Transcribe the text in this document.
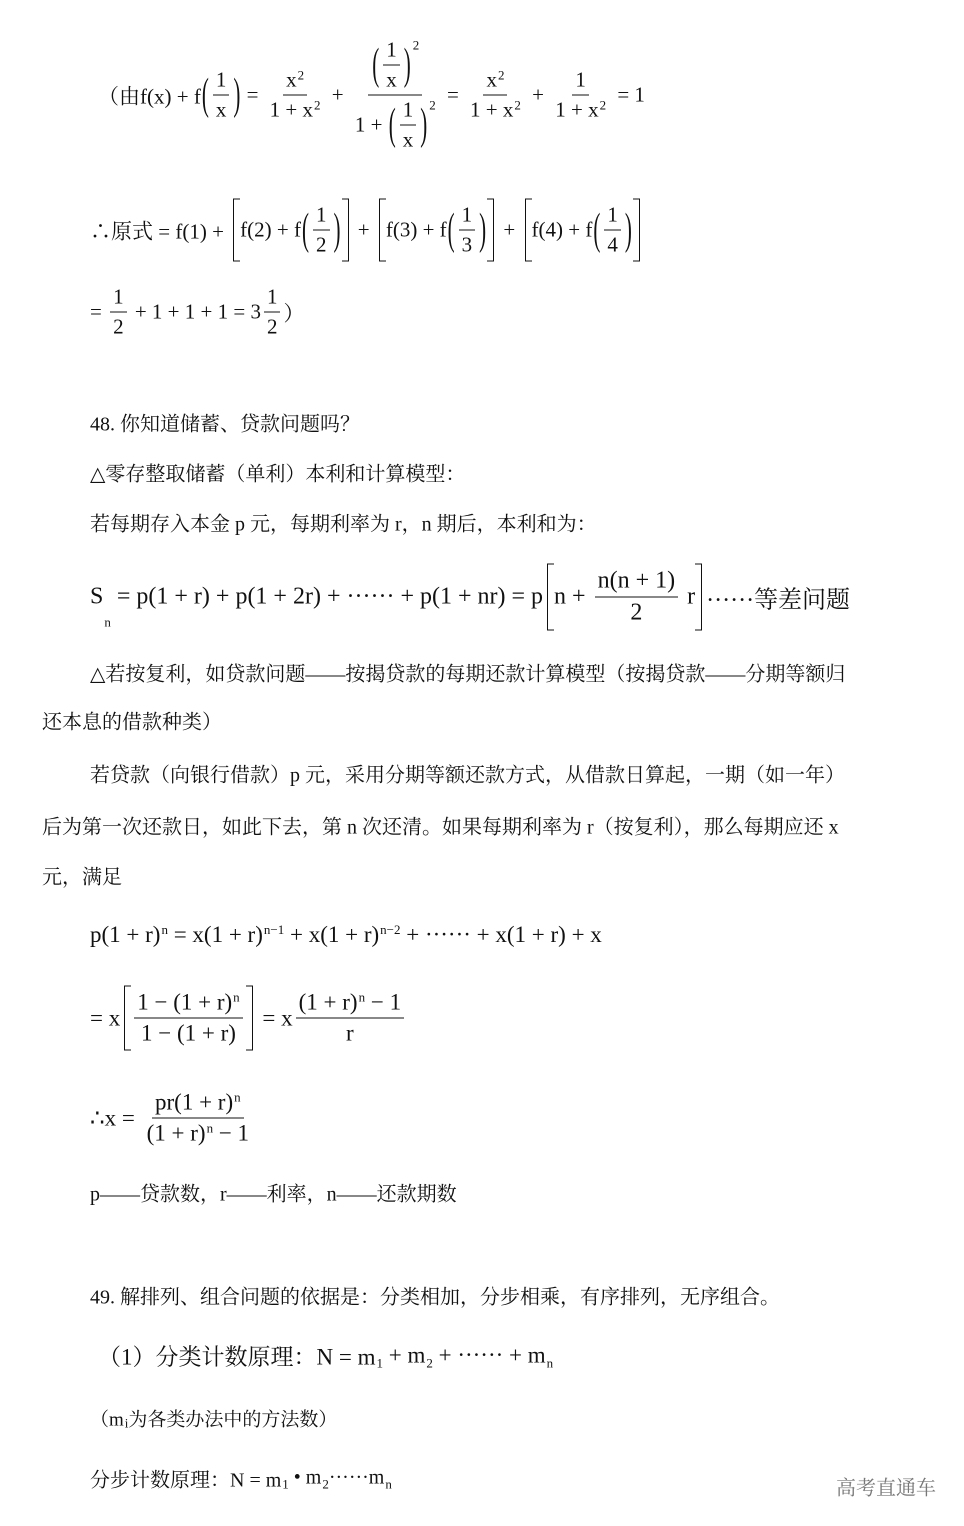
（由f(x) + f ( $\frac{1}{x}$ ) = $\frac{x 2}{1 + x 2} + \frac{( \frac{1}{x} ) 2}{1 + ( \frac{1}{x} ) 2} = \frac{x 2}{1 + x 2} + \frac{1}{1 + x 2} = 1$
∴原式 = f(1) + f(2) + f ( $\frac{1}{2}$ ) + f(3) + f ( $\frac{1}{3}$ ) + f(4) + f ( $\frac{1}{4}$ )
= $\frac{1}{2} + 1 + 1 + 1 = 3 \frac{1}{2}$ ）
48. 你知道储蓄、贷款问题吗？
△零存整取储蓄（单利）本利和计算模型：
若每期存入本金 p 元，每期利率为 r，n 期后，本利和为：
S
n
= p(1 + r) + p(1 + 2r) + ······ + p(1 + nr) = p $n + \frac{n(n + 1)}{2}$ r ······等差问题
△若按复利，如贷款问题——按揭贷款的每期还款计算模型（按揭贷款——分期等额归
还本息的借款种类）
若贷款（向银行借款）p 元，采用分期等额还款方式，从借款日算起，一期（如一年）
后为第一次还款日，如此下去，第 n 次还清。如果每期利率为 r（按复利），那么每期应还 x
元，满足
p(1 + r) n = x(1 + r) n−1 + x(1 + r) n−2 + ······ + x(1 + r) + x
= x $\frac{1 - (1 + r) n}{1 - (1 + r)} = x \frac{(1 + r) n - 1}{r}$
∴x = $\frac{pr(1 + r) n}{(1 + r) n - 1}$
p——贷款数，r——利率，n——还款期数
49. 解排列、组合问题的依据是：分类相加，分步相乘，有序排列，无序组合。
（1）分类计数原理：N = m 1 + m 2 + ······ + m n
（m i 为各类办法中的方法数）
分步计数原理：N = m 1 • m 2 ······m n	高考直通车
